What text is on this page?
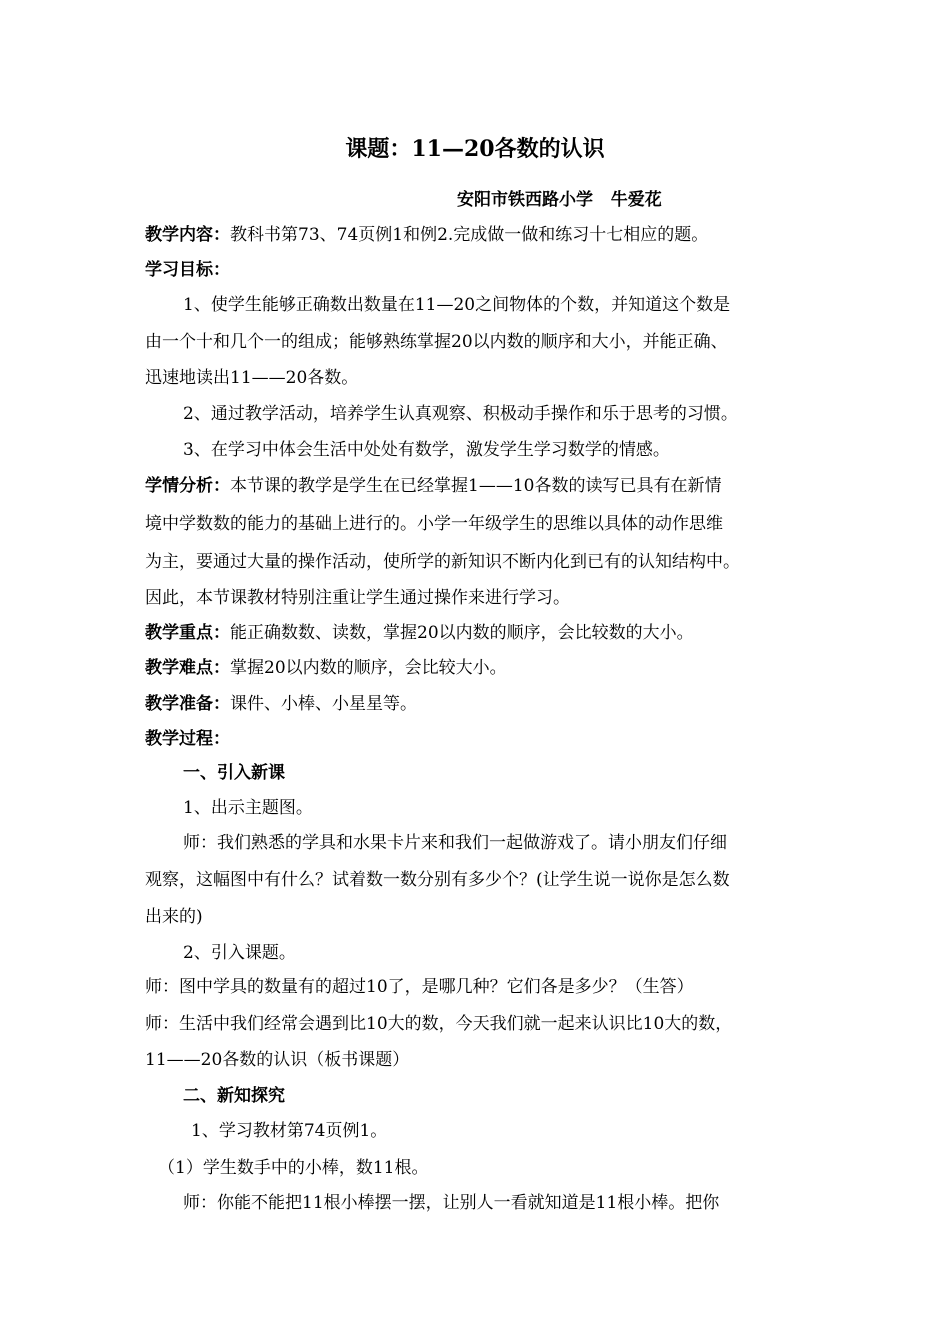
课题：11—20各数的认识
安阳市铁西路小学   牛爱花
教学内容：教科书第73、74页例1和例2.完成做一做和练习十七相应的题。
学习目标：
1、使学生能够正确数出数量在11—20之间物体的个数，并知道这个数是
由一个十和几个一的组成；能够熟练掌握20以内数的顺序和大小，并能正确、
迅速地读出11——20各数。
2、通过教学活动，培养学生认真观察、积极动手操作和乐于思考的习惯。
3、在学习中体会生活中处处有数学，激发学生学习数学的情感。
学情分析：本节课的教学是学生在已经掌握1——10各数的读写已具有在新情
境中学数数的能力的基础上进行的。小学一年级学生的思维以具体的动作思维
为主，要通过大量的操作活动，使所学的新知识不断内化到已有的认知结构中。
因此，本节课教材特别注重让学生通过操作来进行学习。
教学重点：能正确数数、读数，掌握20以内数的顺序，会比较数的大小。
教学难点：掌握20以内数的顺序，会比较大小。
教学准备：课件、小棒、小星星等。
教学过程：
一、引入新课
1、出示主题图。
师：我们熟悉的学具和水果卡片来和我们一起做游戏了。请小朋友们仔细
观察，这幅图中有什么？试着数一数分别有多少个？(让学生说一说你是怎么数
出来的)
2、引入课题。
师：图中学具的数量有的超过10了，是哪几种？它们各是多少？（生答）
师：生活中我们经常会遇到比10大的数，今天我们就一起来认识比10大的数，
11——20各数的认识（板书课题）
二、新知探究
1、学习教材第74页例1。
（1）学生数手中的小棒，数11根。
师：你能不能把11根小棒摆一摆，让别人一看就知道是11根小棒。把你
